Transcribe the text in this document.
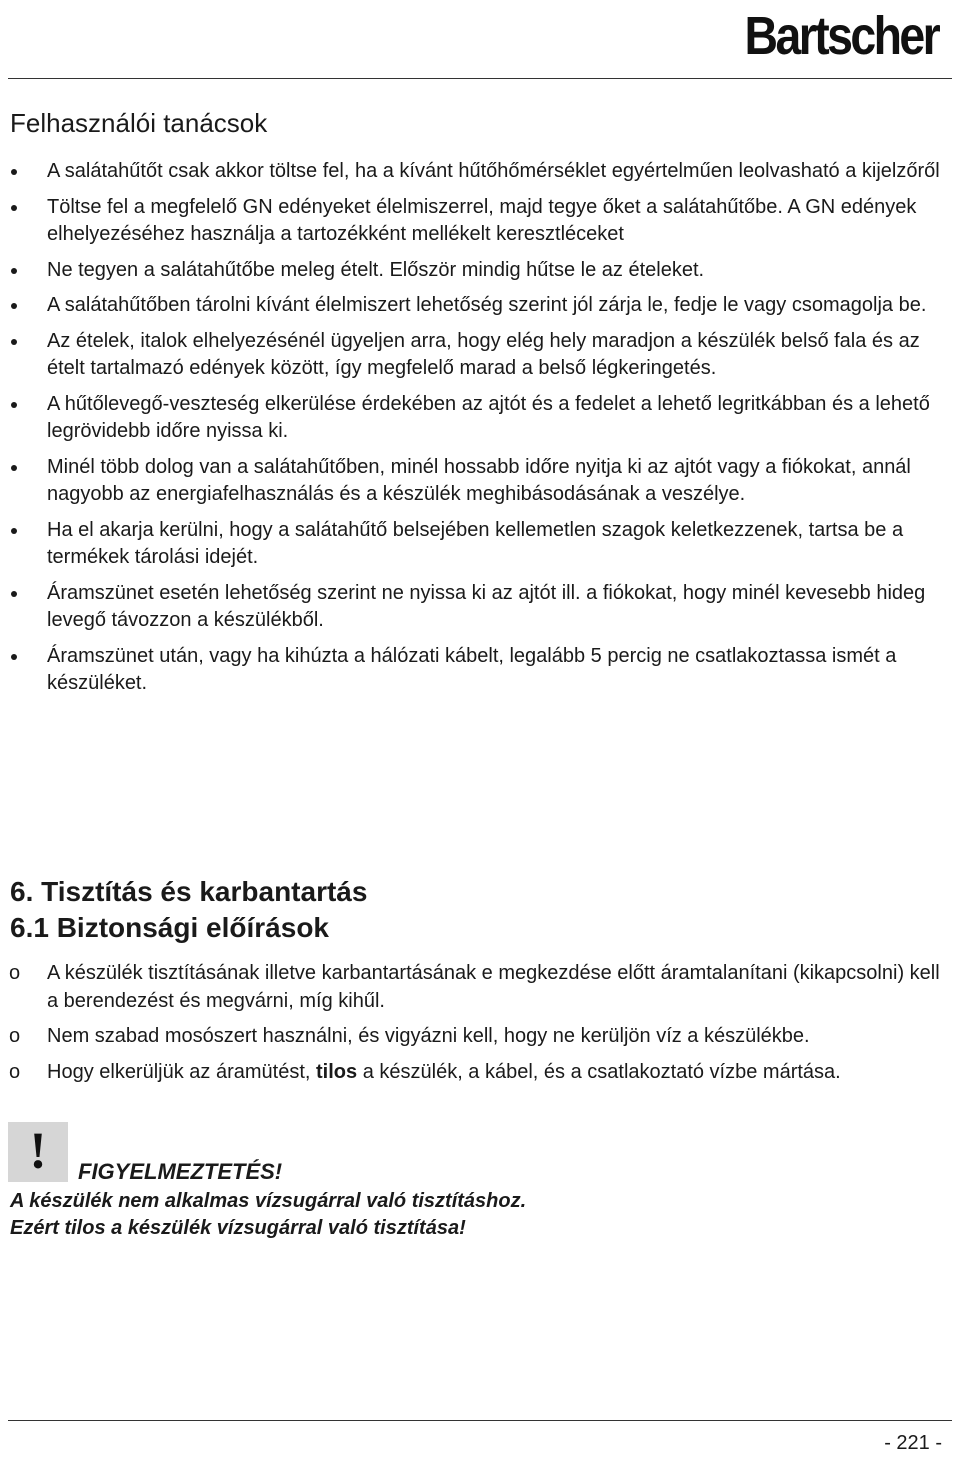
Bartscher
Felhasználói tanácsok
A salátahűtőt csak akkor töltse fel, ha a kívánt hűtőhőmérséklet egyértelműen leolvasható a kijelzőről
Töltse fel a megfelelő GN edényeket élelmiszerrel, majd tegye őket a salátahűtőbe. A GN edények elhelyezéséhez használja a tartozékként mellékelt keresztléceket
Ne tegyen a salátahűtőbe meleg ételt. Először mindig hűtse le az ételeket.
A salátahűtőben tárolni kívánt élelmiszert lehetőség szerint jól zárja le, fedje le vagy csomagolja be.
Az ételek, italok elhelyezésénél ügyeljen arra, hogy elég hely maradjon a készülék belső fala és az ételt tartalmazó edények között, így megfelelő marad a belső légkeringetés.
A hűtőlevegő-veszteség elkerülése érdekében az ajtót és a fedelet a lehető legritkábban és a lehető legrövidebb időre nyissa ki.
Minél több dolog van a salátahűtőben, minél hossabb időre nyitja ki az ajtót vagy a fiókokat, annál nagyobb az energiafelhasználás és a készülék meghibásodásának a veszélye.
Ha el akarja kerülni, hogy a salátahűtő belsejében kellemetlen szagok keletkezzenek, tartsa be a termékek tárolási idejét.
Áramszünet esetén lehetőség szerint ne nyissa ki az ajtót ill. a fiókokat, hogy minél kevesebb hideg levegő távozzon a készülékből.
Áramszünet után, vagy ha kihúzta a hálózati kábelt, legalább 5 percig ne csatlakoztassa ismét a készüléket.
6. Tisztítás és karbantartás
6.1 Biztonsági előírások
o A készülék tisztításának illetve karbantartásának e megkezdése előtt áramtalanítani (kikapcsolni) kell a berendezést és megvárni, míg kihűl.
o Nem szabad mosószert használni, és vigyázni kell, hogy ne kerüljön víz a készülékbe.
o Hogy elkerüljük az áramütést, tilos a készülék, a kábel, és a csatlakoztató vízbe mártása.
!	FIGYELMEZTETÉS!

A készülék nem alkalmas vízsugárral való tisztításhoz.

Ezért tilos a készülék vízsugárral való tisztítása!

- 221 -
